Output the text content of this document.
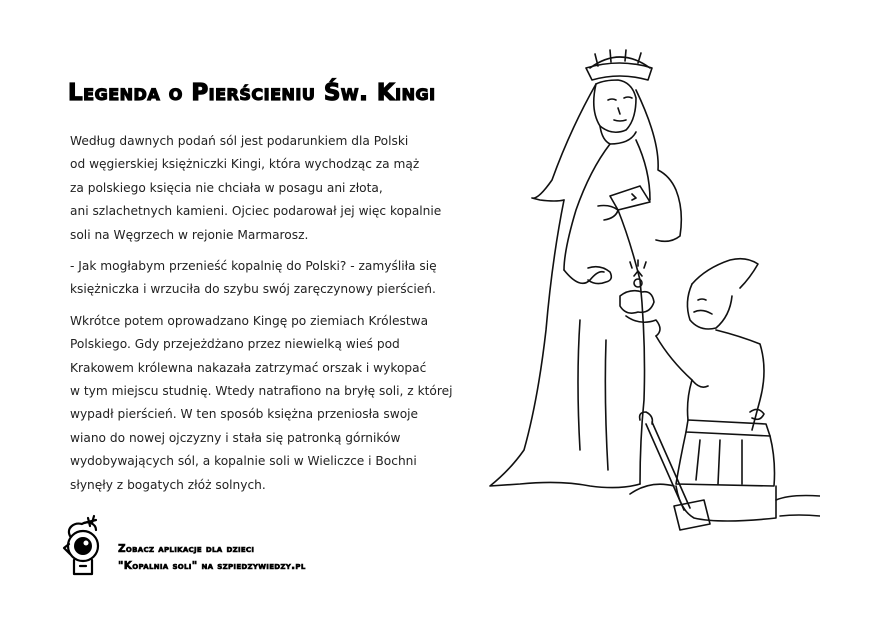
Legenda o Pierścieniu Św. Kingi
Według dawnych podań sól jest podarunkiem dla Polski
od węgierskiej księżniczki Kingi, która wychodząc za mąż
za polskiego księcia nie chciała w posagu ani złota,
ani szlachetnych kamieni. Ojciec podarował jej więc kopalnie
soli na Węgrzech w rejonie Marmarosz.
- Jak mogłabym przenieść kopalnię do Polski? - zamyśliła się
księżniczka i wrzuciła do szybu swój zaręczynowy pierścień.
Wkrótce potem oprowadzano Kingę po ziemiach Królestwa
Polskiego. Gdy przejeżdżano przez niewielką wieś pod
Krakowem królewna nakazała zatrzymać orszak i wykopać
w tym miejscu studnię. Wtedy natrafiono na bryłę soli, z której
wypadł pierścień. W ten sposób księżna przeniosła swoje
wiano do nowej ojczyzny i stała się patronką górników
wydobywających sól, a kopalnie soli w Wieliczce i Bochni
słynęły z bogatych złóż solnych.
Zobacz aplikacje dla dzieci
"Kopalnia soli" na szpiedzywiedzy.pl
